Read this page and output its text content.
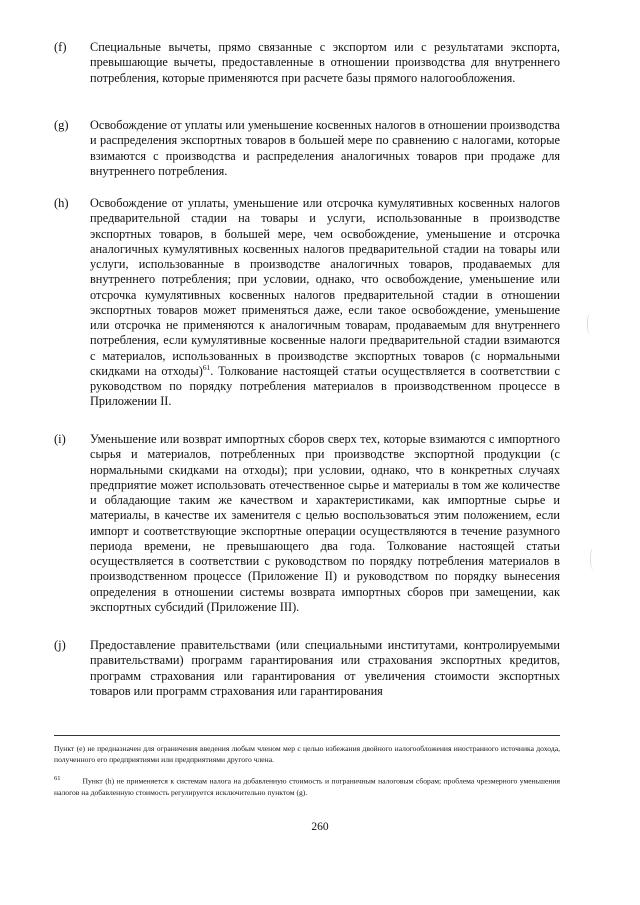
(f) Специальные вычеты, прямо связанные с экспортом или с результатами экспорта, превышающие вычеты, предоставленные в отношении производства для внутреннего потребления, которые применяются при расчете базы прямого налогообложения.
(g) Освобождение от уплаты или уменьшение косвенных налогов в отношении производства и распределения экспортных товаров в большей мере по сравнению с налогами, которые взимаются с производства и распределения аналогичных товаров при продаже для внутреннего потребления.
(h) Освобождение от уплаты, уменьшение или отсрочка кумулятивных косвенных налогов предварительной стадии на товары и услуги, использованные в производстве экспортных товаров, в большей мере, чем освобождение, уменьшение и отсрочка аналогичных кумулятивных косвенных налогов предварительной стадии на товары или услуги, использованные в производстве аналогичных товаров, продаваемых для внутреннего потребления; при условии, однако, что освобождение, уменьшение или отсрочка кумулятивных косвенных налогов предварительной стадии в отношении экспортных товаров может применяться даже, если такое освобождение, уменьшение или отсрочка не применяются к аналогичным товарам, продаваемым для внутреннего потребления, если кумулятивные косвенные налоги предварительной стадии взимаются с материалов, использованных в производстве экспортных товаров (с нормальными скидками на отходы)$^{61}$. Толкование настоящей статьи осуществляется в соответствии с руководством по порядку потребления материалов в производственном процессе в Приложении II.
(i) Уменьшение или возврат импортных сборов сверх тех, которые взимаются с импортного сырья и материалов, потребленных при производстве экспортной продукции (с нормальными скидками на отходы); при условии, однако, что в конкретных случаях предприятие может использовать отечественное сырье и материалы в том же количестве и обладающие таким же качеством и характеристиками, как импортные сырье и материалы, в качестве их заменителя с целью воспользоваться этим положением, если импорт и соответствующие экспортные операции осуществляются в течение разумного периода времени, не превышающего два года. Толкование настоящей статьи осуществляется в соответствии с руководством по порядку потребления материалов в производственном процессе (Приложение II) и руководством по порядку вынесения определения в отношении системы возврата импортных сборов при замещении, как экспортных субсидий (Приложение III).
(j) Предоставление правительствами (или специальными институтами, контролируемыми правительствами) программ гарантирования или страхования экспортных кредитов, программ страхования или гарантирования от увеличения стоимости экспортных товаров или программ страхования или гарантирования
Пункт (e) не предназначен для ограничения введения любым членом мер с целью избежания двойного налогообложения иностранного источника дохода, полученного его предприятиями или предприятиями другого члена.
61	Пункт (h) не применяется к системам налога на добавленную стоимость и пограничным налоговым сборам; проблема чрезмерного уменьшения налогов на добавленную стоимость регулируется исключительно пунктом (g).
260
